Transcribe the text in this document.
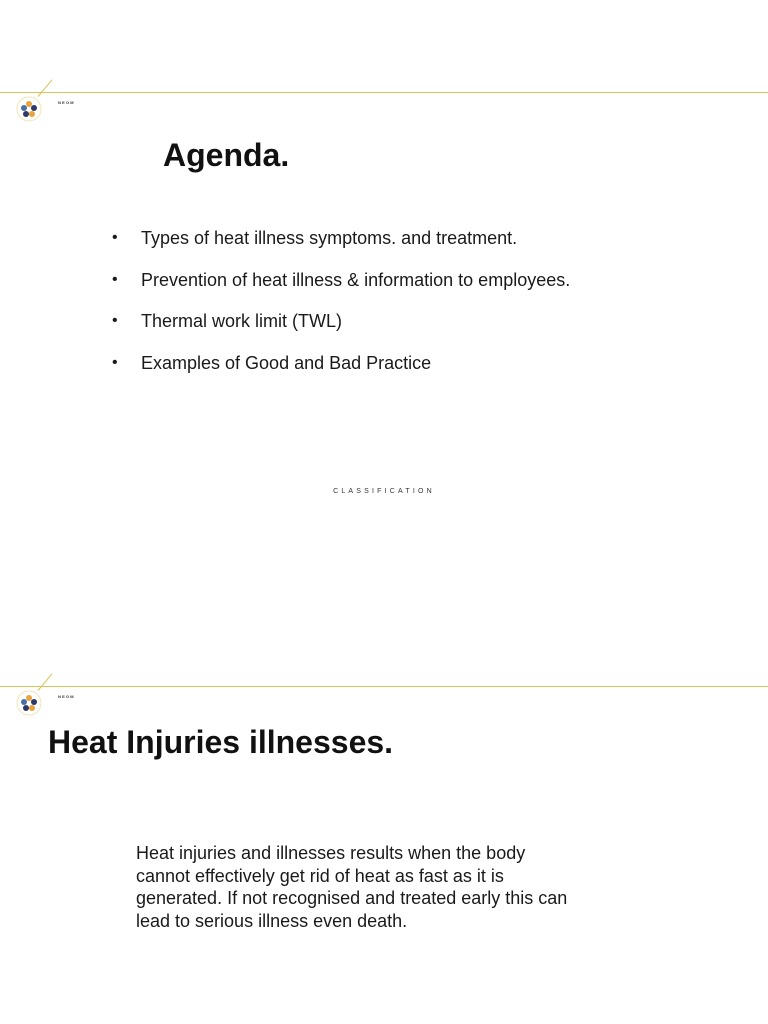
NEOM
Agenda.
• Types of heat illness symptoms. and treatment.
• Prevention of heat illness & information to employees.
• Thermal work limit (TWL)
• Examples of Good and Bad Practice
CLASSIFICATION
NEOM
Heat Injuries illnesses.

Heat injuries and illnesses results when the body cannot effectively get rid of heat as fast as it is generated. If not recognised and treated early this can lead to serious illness even death.
